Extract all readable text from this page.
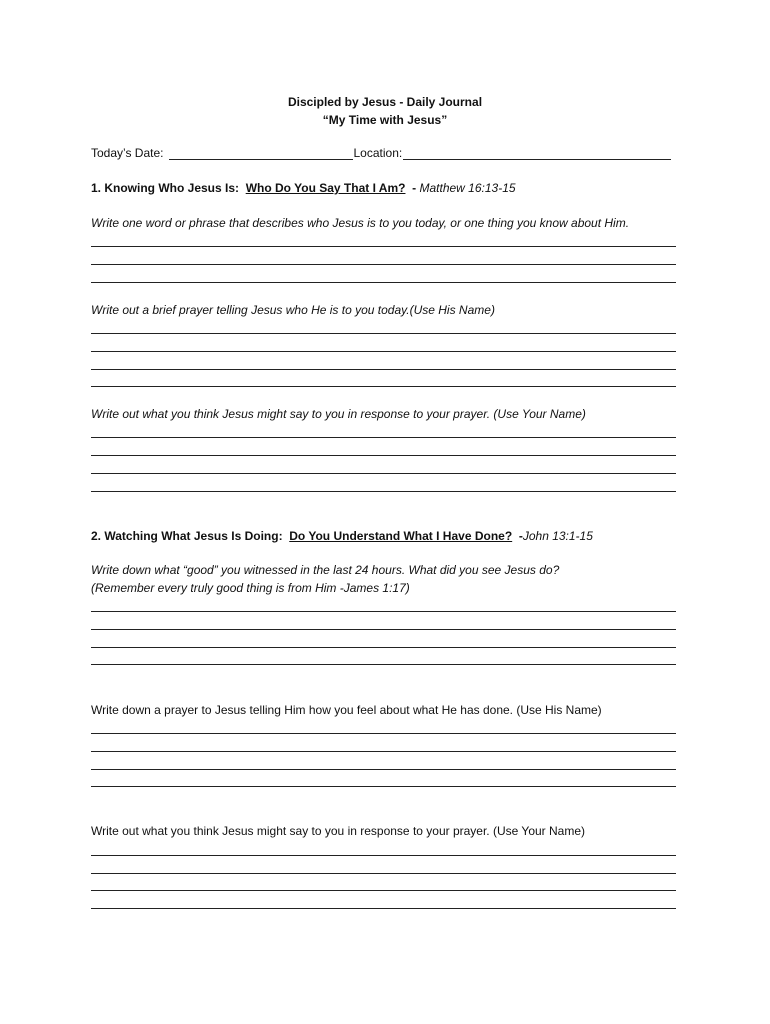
Discipled by Jesus - Daily Journal
“My Time with Jesus”
Today’s Date:	Location:
1. Knowing Who Jesus Is: Who Do You Say That I Am? - Matthew 16:13-15
Write one word or phrase that describes who Jesus is to you today, or one thing you know about Him.
Write out a brief prayer telling Jesus who He is to you today.(Use His Name)
Write out what you think Jesus might say to you in response to your prayer. (Use Your Name)
2. Watching What Jesus Is Doing: Do You Understand What I Have Done? -John 13:1-15
Write down what “good” you witnessed in the last 24 hours. What did you see Jesus do?
(Remember every truly good thing is from Him -James 1:17)
Write down a prayer to Jesus telling Him how you feel about what He has done. (Use His Name)
Write out what you think Jesus might say to you in response to your prayer. (Use Your Name)
